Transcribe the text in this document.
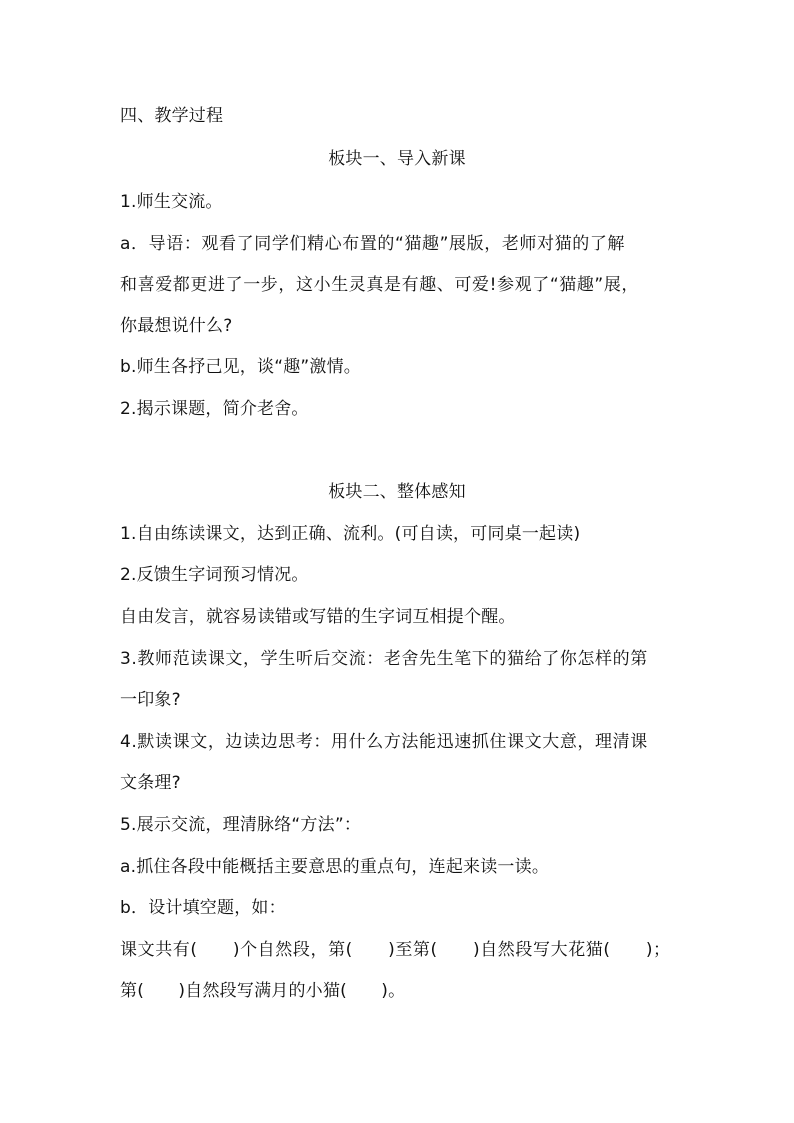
四、教学过程
板块一、导入新课
1.师生交流。
a．导语：观看了同学们精心布置的“猫趣”展版，老师对猫的了解
和喜爱都更进了一步，这小生灵真是有趣、可爱!参观了“猫趣”展，
你最想说什么?
b.师生各抒己见，谈“趣”激情。
2.揭示课题，简介老舍。
板块二、整体感知
1.自由练读课文，达到正确、流利。(可自读，可同桌一起读)
2.反馈生字词预习情况。
自由发言，就容易读错或写错的生字词互相提个醒。
3.教师范读课文，学生听后交流：老舍先生笔下的猫给了你怎样的第
一印象?
4.默读课文，边读边思考：用什么方法能迅速抓住课文大意，理清课
文条理?
5.展示交流，理清脉络“方法”：
a.抓住各段中能概括主要意思的重点句，连起来读一读。
b．设计填空题，如：
课文共有(　　)个自然段，第(　　)至第(　　)自然段写大花猫(　　)；
第(　　)自然段写满月的小猫(　　)。
